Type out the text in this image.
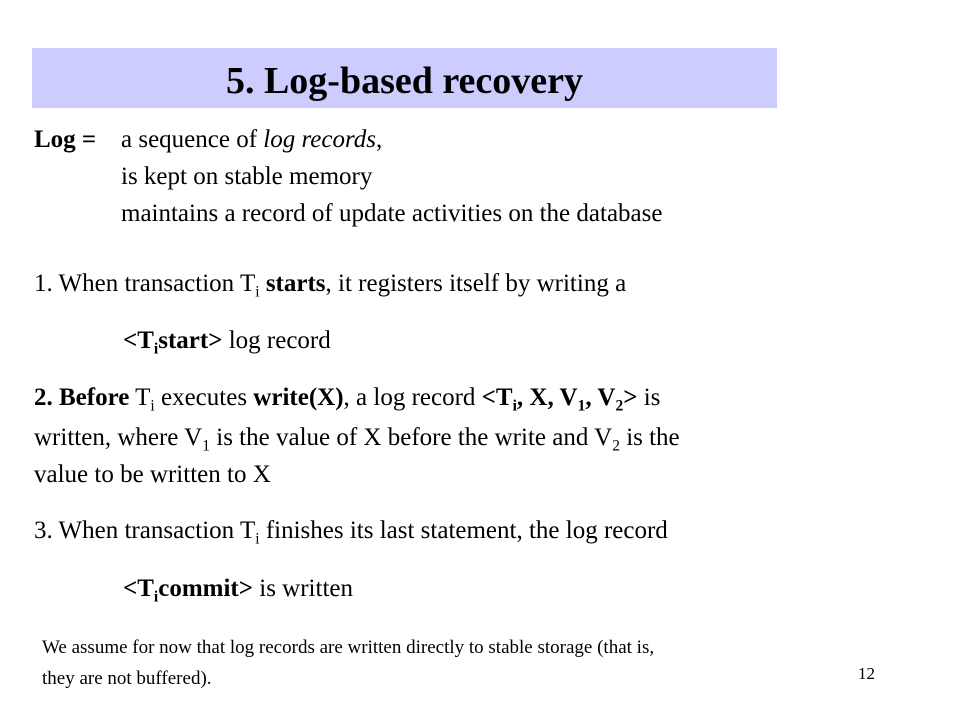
5. Log-based recovery
Log = a sequence of log records,
is kept on stable memory
maintains a record of update activities on the database
1. When transaction $T_i$ starts, it registers itself by writing a
$<T_istart> \log$ record
2. Before $T_i$ executes write(X), a log record $<T_i$, X, $V_1$, $V_2>$ is
written, where $V_1$ is the value of X before the write and $V_2$ is the
value to be written to X
3. When transaction $T_i$ finishes its last statement, the log record
$<T_icommit>$ is written
We assume for now that log records are written directly to stable storage (that is,
they are not buffered).	12
